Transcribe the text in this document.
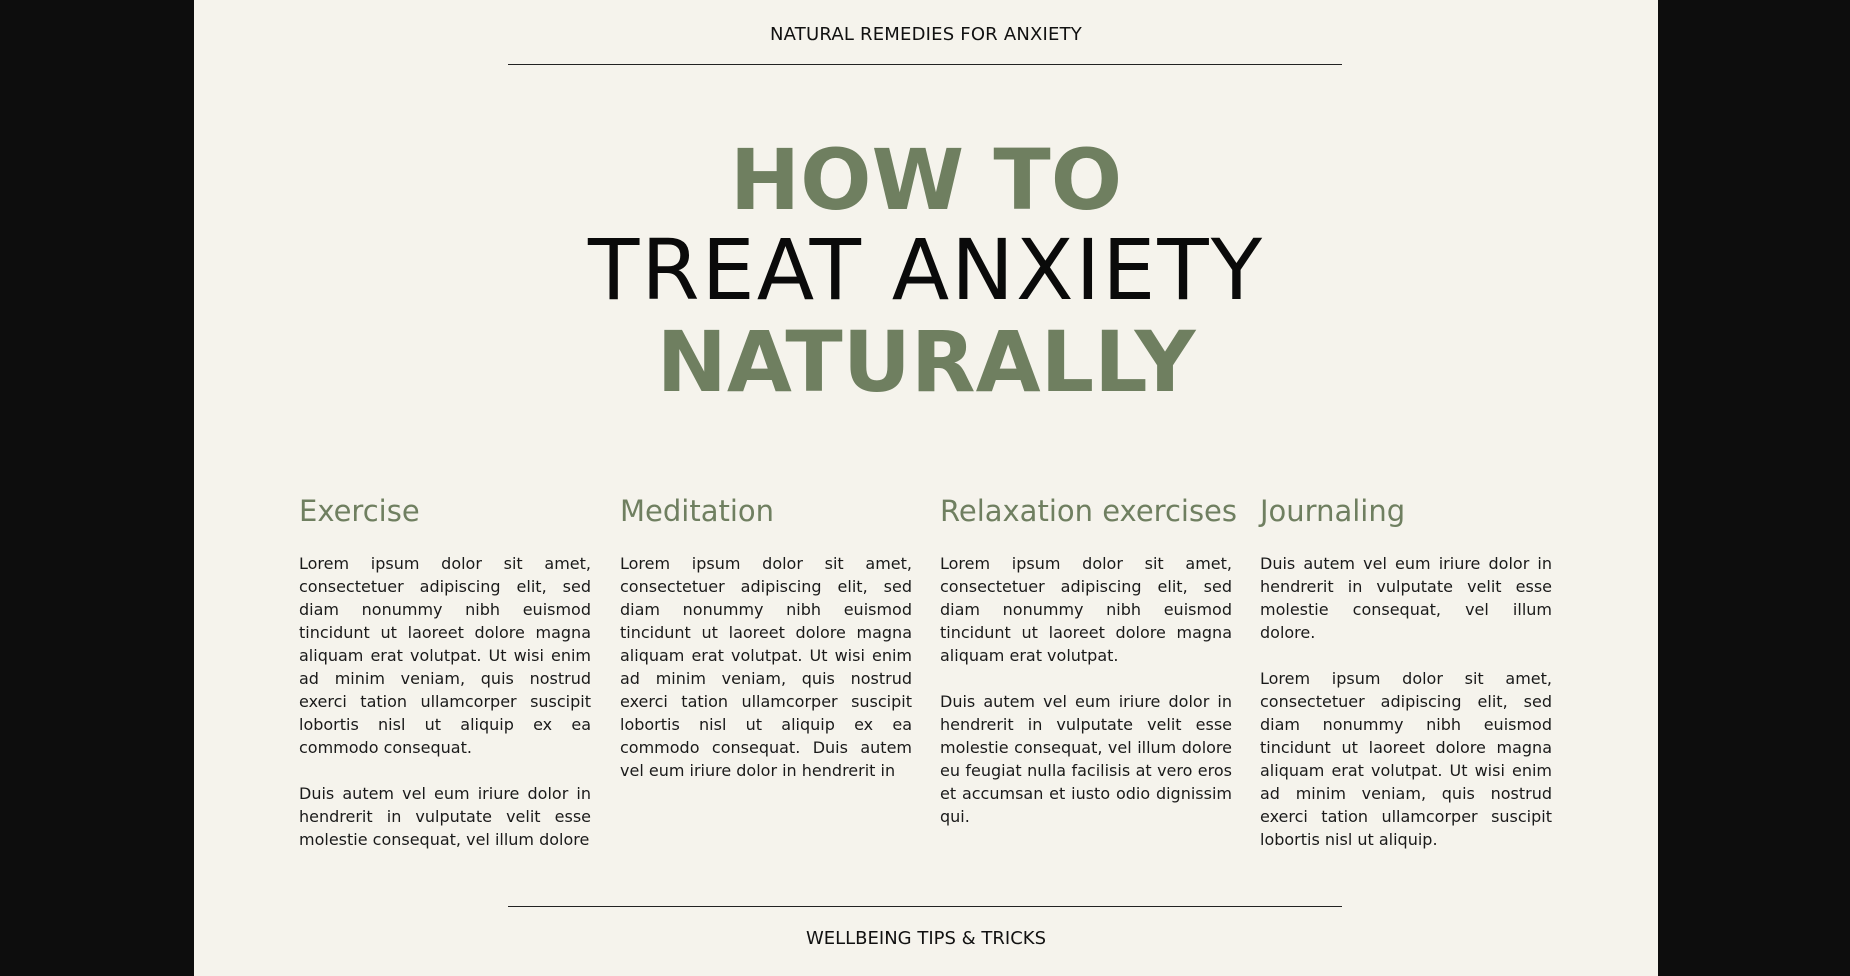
NATURAL REMEDIES FOR ANXIETY
HOW TO
TREAT ANXIETY
NATURALLY
Exercise

Lorem ipsum dolor sit amet, consectetuer adipiscing elit, sed diam nonummy nibh euismod tincidunt ut laoreet dolore magna aliquam erat volutpat. Ut wisi enim ad minim veniam, quis nostrud exerci tation ullamcorper suscipit lobortis nisl ut aliquip ex ea commodo consequat.

Duis autem vel eum iriure dolor in hendrerit in vulputate velit esse molestie consequat, vel illum dolore

Meditation

Lorem ipsum dolor sit amet, consectetuer adipiscing elit, sed diam nonummy nibh euismod tincidunt ut laoreet dolore magna aliquam erat volutpat. Ut wisi enim ad minim veniam, quis nostrud exerci tation ullamcorper suscipit lobortis nisl ut aliquip ex ea commodo consequat. Duis autem vel eum iriure dolor in hendrerit in

Relaxation exercises

Lorem ipsum dolor sit amet, consectetuer adipiscing elit, sed diam nonummy nibh euismod tincidunt ut laoreet dolore magna aliquam erat volutpat.

Duis autem vel eum iriure dolor in hendrerit in vulputate velit esse molestie consequat, vel illum dolore eu feugiat nulla facilisis at vero eros et accumsan et iusto odio dignissim qui.

Journaling

Duis autem vel eum iriure dolor in hendrerit in vulputate velit esse molestie consequat, vel illum dolore.

Lorem ipsum dolor sit amet, consectetuer adipiscing elit, sed diam nonummy nibh euismod tincidunt ut laoreet dolore magna aliquam erat volutpat. Ut wisi enim ad minim veniam, quis nostrud exerci tation ullamcorper suscipit lobortis nisl ut aliquip.

WELLBEING TIPS & TRICKS
